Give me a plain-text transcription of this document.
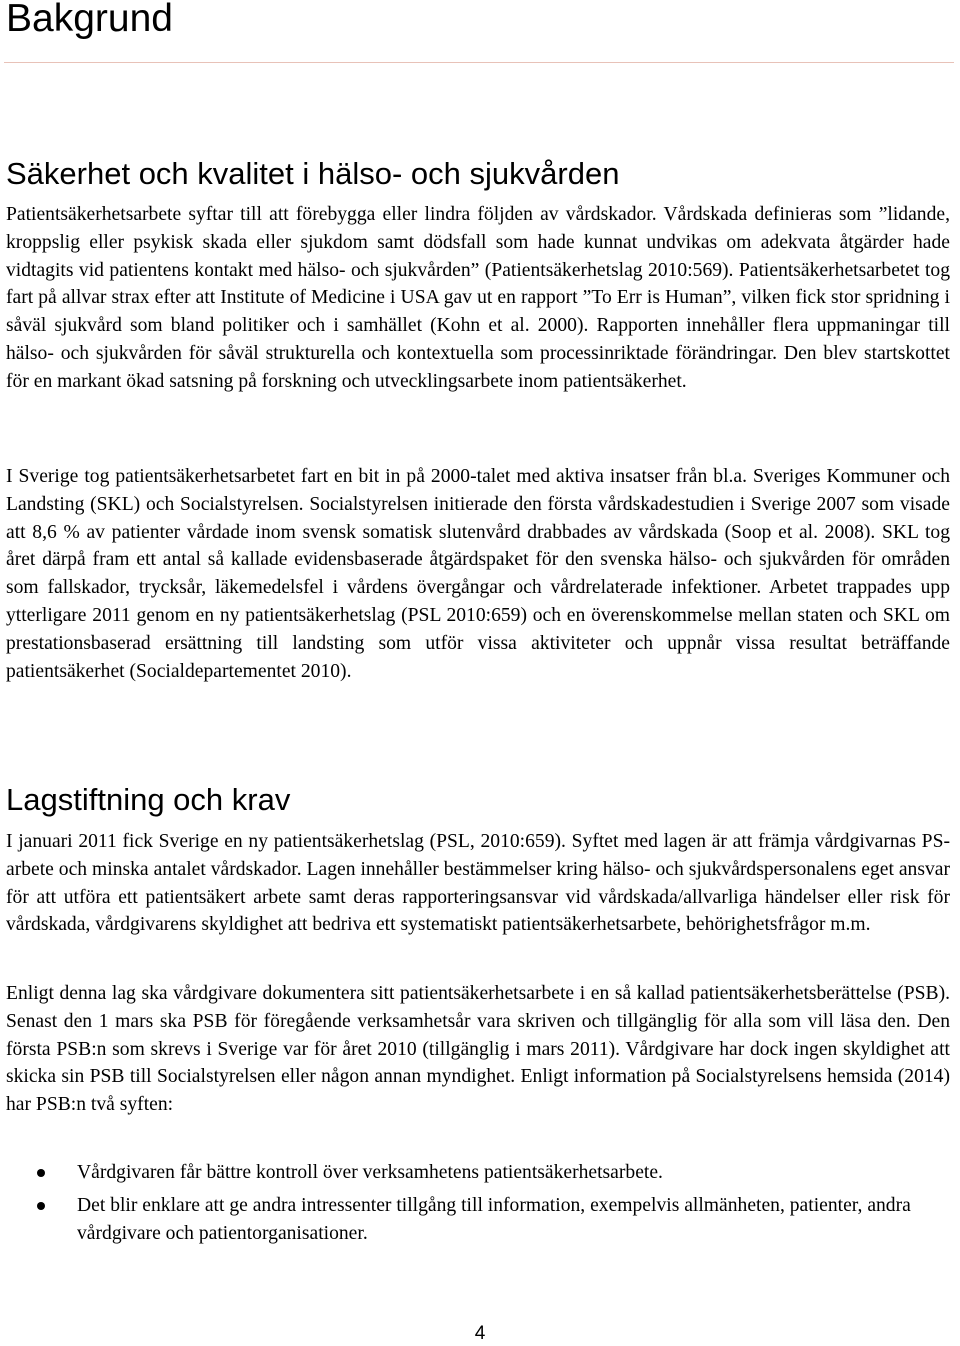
Bakgrund
Säkerhet och kvalitet i hälso- och sjukvården

Patientsäkerhetsarbete syftar till att förebygga eller lindra följden av vårdskador. Vårdskada definieras som ”lidande, kroppslig eller psykisk skada eller sjukdom samt dödsfall som hade kunnat undvikas om adekvata åtgärder hade vidtagits vid patientens kontakt med hälso- och sjukvården” (Patientsäkerhetslag 2010:569). Patientsäkerhetsarbetet tog fart på allvar strax efter att Institute of Medicine i USA gav ut en rapport ”To Err is Human”, vilken fick stor spridning i såväl sjukvård som bland politiker och i samhället (Kohn et al. 2000). Rapporten innehåller flera uppmaningar till hälso- och sjukvården för såväl strukturella och kontextuella som processinriktade förändringar. Den blev startskottet för en markant ökad satsning på forskning och utvecklingsarbete inom patientsäkerhet.

I Sverige tog patientsäkerhetsarbetet fart en bit in på 2000-talet med aktiva insatser från bl.a. Sveriges Kommuner och Landsting (SKL) och Socialstyrelsen. Socialstyrelsen initierade den första vårdskadestudien i Sverige 2007 som visade att 8,6 % av patienter vårdade inom svensk somatisk slutenvård drabbades av vårdskada (Soop et al. 2008). SKL tog året därpå fram ett antal så kallade evidensbaserade åtgärdspaket för den svenska hälso- och sjukvården för områden som fallskador, trycksår, läkemedelsfel i vårdens övergångar och vårdrelaterade infektioner. Arbetet trappades upp ytterligare 2011 genom en ny patientsäkerhetslag (PSL 2010:659) och en överenskommelse mellan staten och SKL om prestationsbaserad ersättning till landsting som utför vissa aktiviteter och uppnår vissa resultat beträffande patientsäkerhet (Socialdepartementet 2010).

Lagstiftning och krav

I januari 2011 fick Sverige en ny patientsäkerhetslag (PSL, 2010:659). Syftet med lagen är att främja vårdgivarnas PS-arbete och minska antalet vårdskador. Lagen innehåller bestämmelser kring hälso- och sjukvårdspersonalens eget ansvar för att utföra ett patientsäkert arbete samt deras rapporteringsansvar vid vårdskada/allvarliga händelser eller risk för vårdskada, vårdgivarens skyldighet att bedriva ett systematiskt patientsäkerhetsarbete, behörighetsfrågor m.m.

Enligt denna lag ska vårdgivare dokumentera sitt patientsäkerhetsarbete i en så kallad patientsäkerhetsberättelse (PSB). Senast den 1 mars ska PSB för föregående verksamhetsår vara skriven och tillgänglig för alla som vill läsa den. Den första PSB:n som skrevs i Sverige var för året 2010 (tillgänglig i mars 2011). Vårdgivare har dock ingen skyldighet att skicka sin PSB till Socialstyrelsen eller någon annan myndighet. Enligt information på Socialstyrelsens hemsida (2014) har PSB:n två syften:

Vårdgivaren får bättre kontroll över verksamhetens patientsäkerhetsarbete.
Det blir enklare att ge andra intressenter tillgång till information, exempelvis allmänheten, patienter, andra vårdgivare och patientorganisationer.
4
